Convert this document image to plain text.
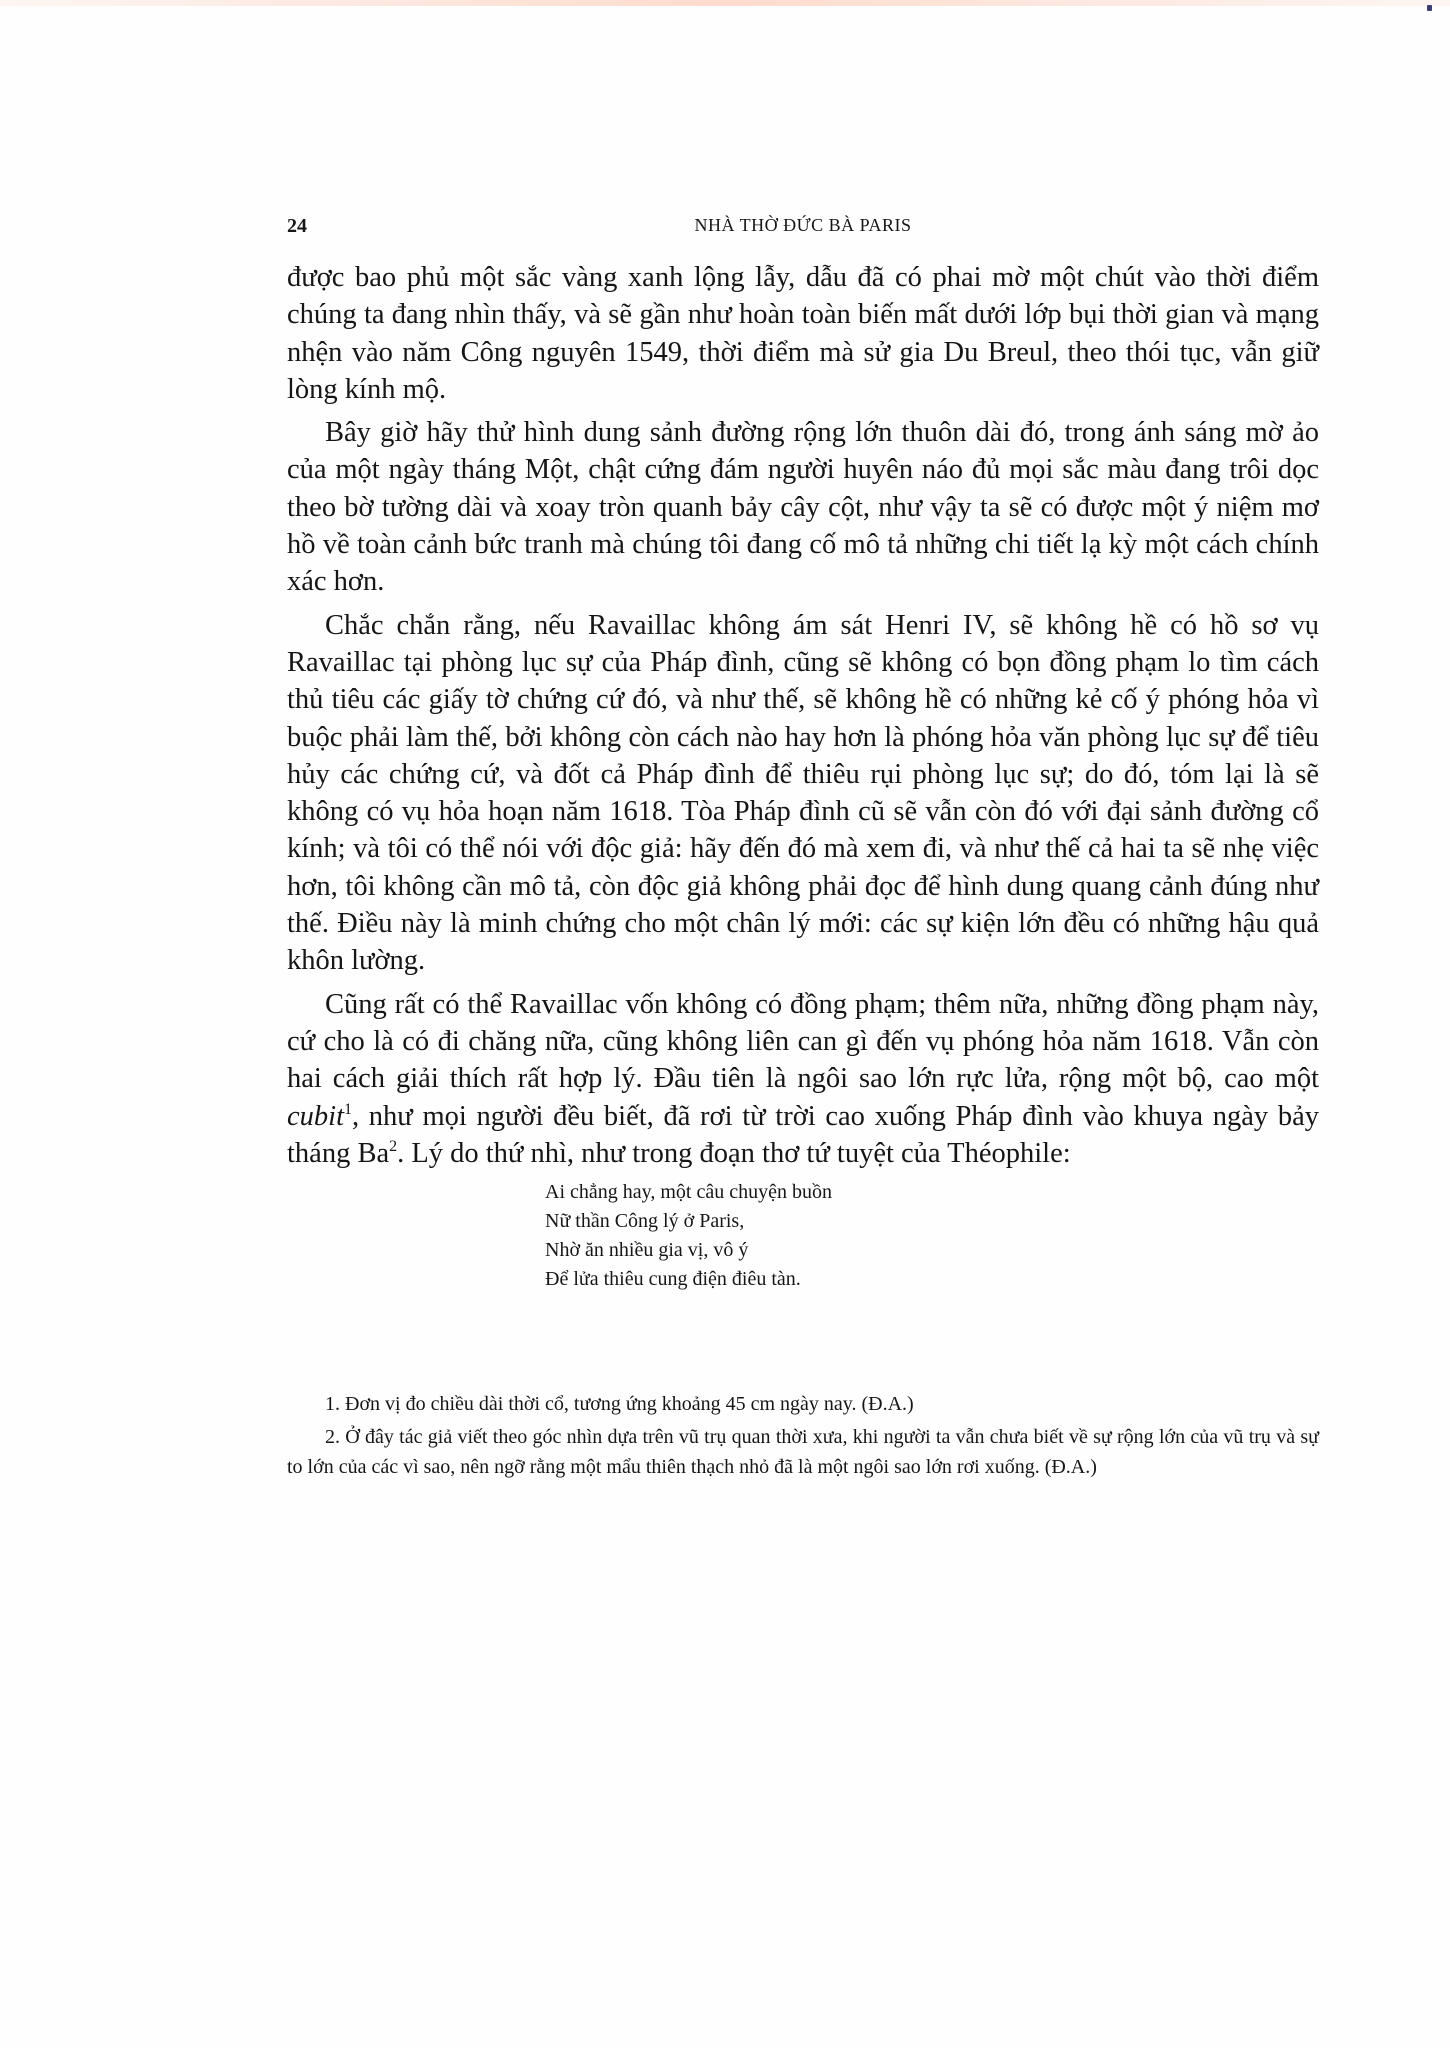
24	NHÀ THỜ ĐỨC BÀ PARIS

được bao phủ một sắc vàng xanh lộng lẫy, dẫu đã có phai mờ một chút vào thời điểm chúng ta đang nhìn thấy, và sẽ gần như hoàn toàn biến mất dưới lớp bụi thời gian và mạng nhện vào năm Công nguyên 1549, thời điểm mà sử gia Du Breul, theo thói tục, vẫn giữ lòng kính mộ.

Bây giờ hãy thử hình dung sảnh đường rộng lớn thuôn dài đó, trong ánh sáng mờ ảo của một ngày tháng Một, chật cứng đám người huyên náo đủ mọi sắc màu đang trôi dọc theo bờ tường dài và xoay tròn quanh bảy cây cột, như vậy ta sẽ có được một ý niệm mơ hồ về toàn cảnh bức tranh mà chúng tôi đang cố mô tả những chi tiết lạ kỳ một cách chính xác hơn.

Chắc chắn rằng, nếu Ravaillac không ám sát Henri IV, sẽ không hề có hồ sơ vụ Ravaillac tại phòng lục sự của Pháp đình, cũng sẽ không có bọn đồng phạm lo tìm cách thủ tiêu các giấy tờ chứng cứ đó, và như thế, sẽ không hề có những kẻ cố ý phóng hỏa vì buộc phải làm thế, bởi không còn cách nào hay hơn là phóng hỏa văn phòng lục sự để tiêu hủy các chứng cứ, và đốt cả Pháp đình để thiêu rụi phòng lục sự; do đó, tóm lại là sẽ không có vụ hỏa hoạn năm 1618. Tòa Pháp đình cũ sẽ vẫn còn đó với đại sảnh đường cổ kính; và tôi có thể nói với độc giả: hãy đến đó mà xem đi, và như thế cả hai ta sẽ nhẹ việc hơn, tôi không cần mô tả, còn độc giả không phải đọc để hình dung quang cảnh đúng như thế. Điều này là minh chứng cho một chân lý mới: các sự kiện lớn đều có những hậu quả khôn lường.

Cũng rất có thể Ravaillac vốn không có đồng phạm; thêm nữa, những đồng phạm này, cứ cho là có đi chăng nữa, cũng không liên can gì đến vụ phóng hỏa năm 1618. Vẫn còn hai cách giải thích rất hợp lý. Đầu tiên là ngôi sao lớn rực lửa, rộng một bộ, cao một cubit$^1$, như mọi người đều biết, đã rơi từ trời cao xuống Pháp đình vào khuya ngày bảy tháng Ba$^2$. Lý do thứ nhì, như trong đoạn thơ tứ tuyệt của Théophile:

Ai chẳng hay, một câu chuyện buồn
Nữ thần Công lý ở Paris,
Nhờ ăn nhiều gia vị, vô ý
Để lửa thiêu cung điện điêu tàn.

1. Đơn vị đo chiều dài thời cổ, tương ứng khoảng 45 cm ngày nay. (Đ.A.)

2. Ở đây tác giả viết theo góc nhìn dựa trên vũ trụ quan thời xưa, khi người ta vẫn chưa biết về sự rộng lớn của vũ trụ và sự to lớn của các vì sao, nên ngỡ rằng một mẩu thiên thạch nhỏ đã là một ngôi sao lớn rơi xuống. (Đ.A.)
